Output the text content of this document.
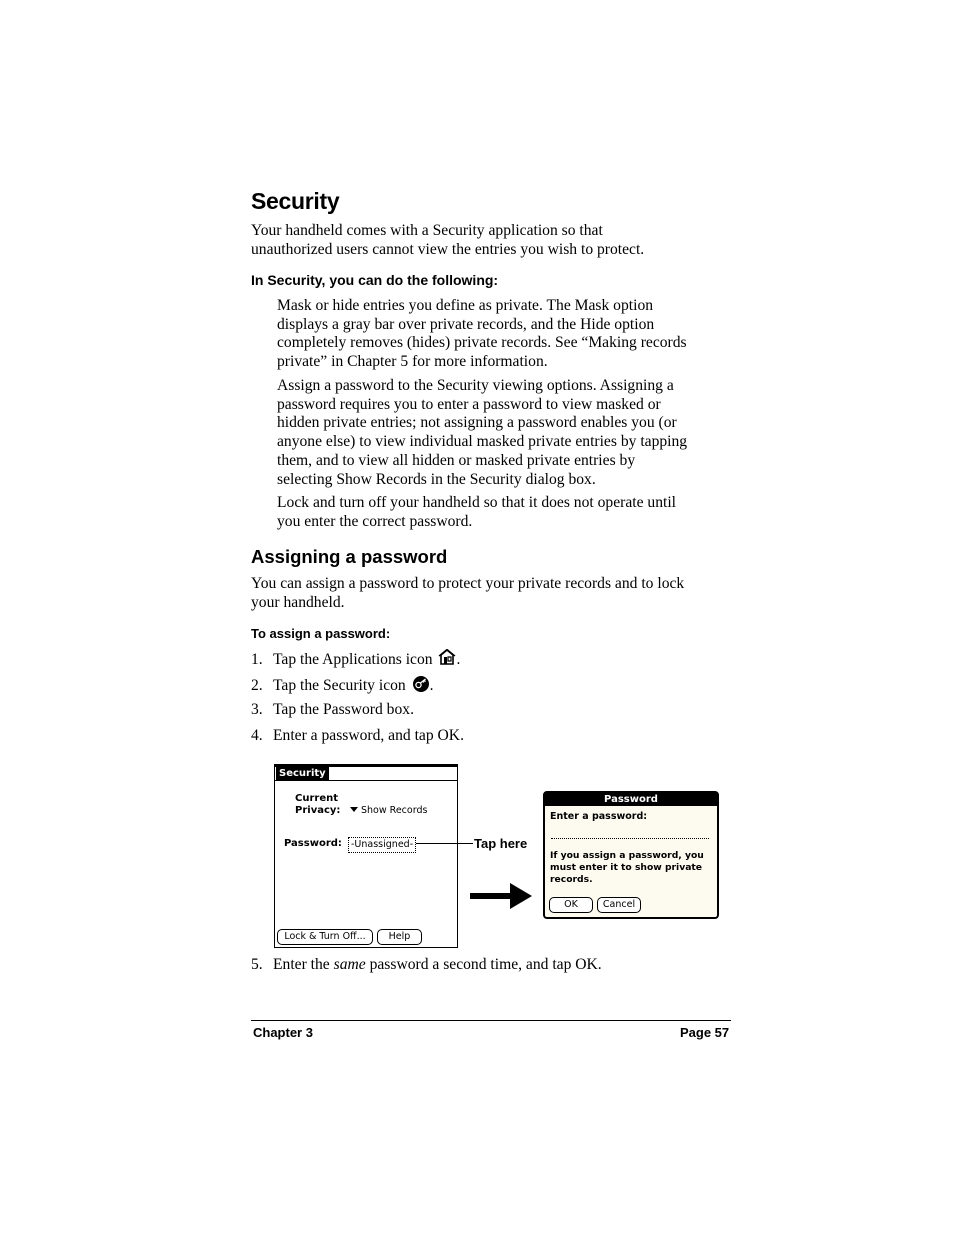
Security
Your handheld comes with a Security application so that
unauthorized users cannot view the entries you wish to protect.
In Security, you can do the following:
Mask or hide entries you define as private. The Mask option
displays a gray bar over private records, and the Hide option
completely removes (hides) private records. See “Making records
private” in Chapter 5 for more information.
Assign a password to the Security viewing options. Assigning a
password requires you to enter a password to view masked or
hidden private entries; not assigning a password enables you (or
anyone else) to view individual masked private entries by tapping
them, and to view all hidden or masked private entries by
selecting Show Records in the Security dialog box.
Lock and turn off your handheld so that it does not operate until
you enter the correct password.
Assigning a password
You can assign a password to protect your private records and to lock
your handheld.
To assign a password:
1. Tap the Applications icon .
2. Tap the Security icon .
3. Tap the Password box.
4. Enter a password, and tap OK.
Security
Current
Privacy:	Show Records
Password: -Unassigned-
Lock & Turn Off...	Help
Tap here
Password
Enter a password:
If you assign a password, you
must enter it to show private
records.
OK	Cancel
5. Enter the same password a second time, and tap OK.
Chapter 3	Page 57
